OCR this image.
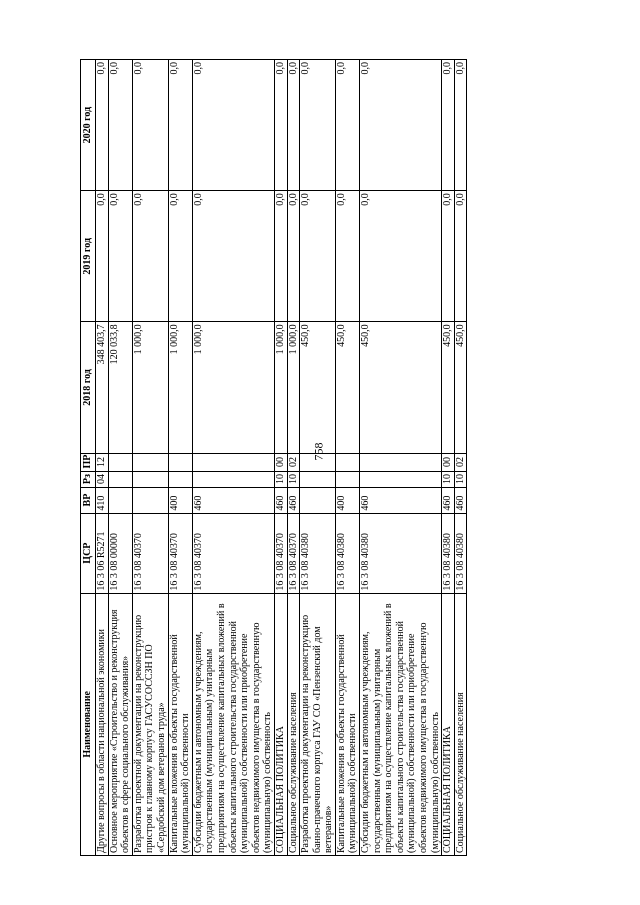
758
Наименование	ЦСР	ВР	Рз	ПР	2018 год	2019 год	2020 год
Другие вопросы в области национальной экономики	16 3 06 R5271	410	04	12	348 403,7	0,0	0,0
Основное мероприятие «Строительство и реконструкция объектов в сфере социального обслуживания»	16 3 08 00000				120 033,8	0,0	0,0
Разработка проектной документации на реконструкцию пристроя к главному корпусу ГАСУСОССЗН ПО «Сердобский дом ветеранов труда»	16 3 08 40370				1 000,0	0,0	0,0
Капитальные вложения в объекты государственной (муниципальной) собственности	16 3 08 40370	400			1 000,0	0,0	0,0
Субсидии бюджетным и автономным учреждениям, государственным (муниципальным) унитарным предприятиям на осуществление капитальных вложений в объекты капитального строительства государственной (муниципальной) собственности или приобретение объектов недвижимого имущества в государственную (муниципальную) собственность	16 3 08 40370	460			1 000,0	0,0	0,0
СОЦИАЛЬНАЯ ПОЛИТИКА	16 3 08 40370	460	10	00	1 000,0	0,0	0,0
Социальное обслуживание населения	16 3 08 40370	460	10	02	1 000,0	0,0	0,0
Разработка проектной документации на реконструкцию банно-прачечного корпуса ГАУ СО «Пензенский дом ветеранов»	16 3 08 40380				450,0	0,0	0,0
Капитальные вложения в объекты государственной (муниципальной) собственности	16 3 08 40380	400			450,0	0,0	0,0
Субсидии бюджетным и автономным учреждениям, государственным (муниципальным) унитарным предприятиям на осуществление капитальных вложений в объекты капитального строительства государственной (муниципальной) собственности или приобретение объектов недвижимого имущества в государственную (муниципальную) собственность	16 3 08 40380	460			450,0	0,0	0,0
СОЦИАЛЬНАЯ ПОЛИТИКА	16 3 08 40380	460	10	00	450,0	0,0	0,0
Социальное обслуживание населения	16 3 08 40380	460	10	02	450,0	0,0	0,0
